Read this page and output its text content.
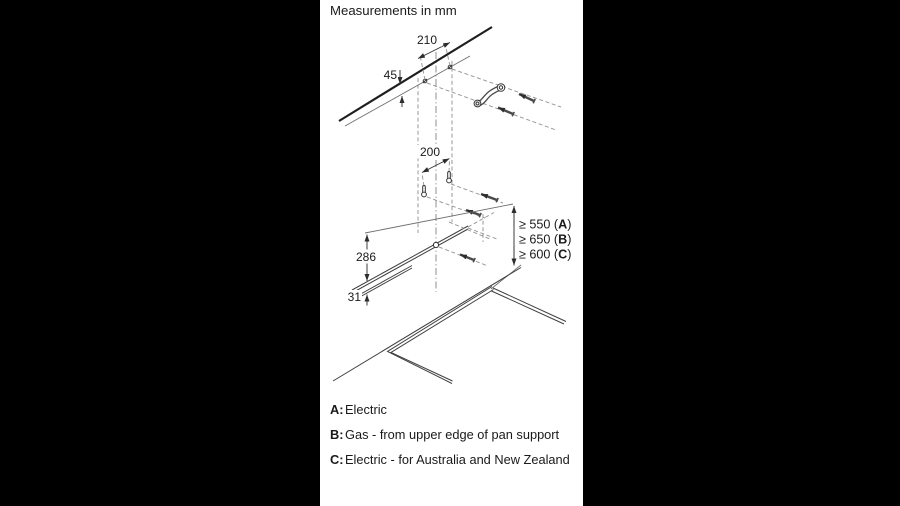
Measurements in mm
210
45
200
286
31
≥ 550 (A)
≥ 650 (B)
≥ 600 (C)
A:Electric
B:Gas - from upper edge of pan support
C:Electric - for Australia and New Zealand
